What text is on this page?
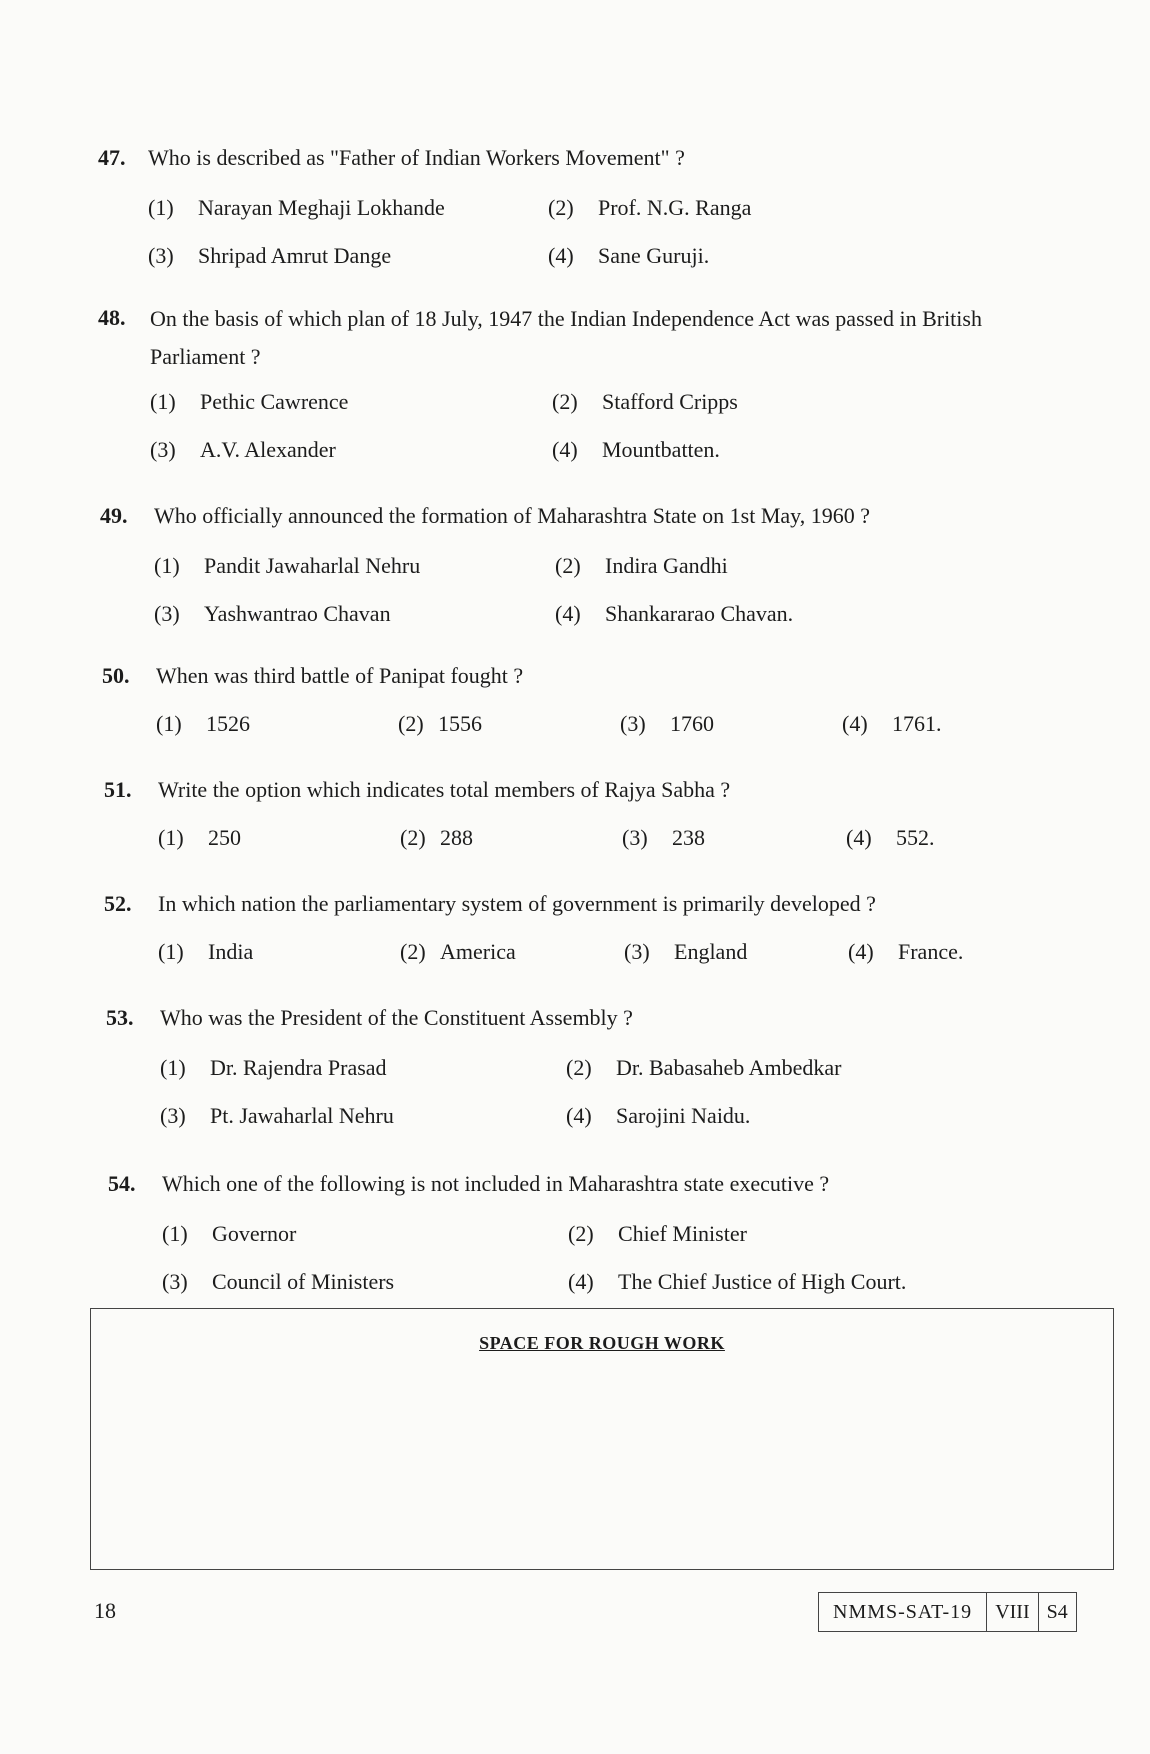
47. Who is described as "Father of Indian Workers Movement" ?
(1) Narayan Meghaji Lokhande	(2) Prof. N.G. Ranga
(3) Shripad Amrut Dange	(4) Sane Guruji.
48. On the basis of which plan of 18 July, 1947 the Indian Independence Act was passed in British Parliament ?
(1) Pethic Cawrence	(2) Stafford Cripps
(3) A.V. Alexander	(4) Mountbatten.
49. Who officially announced the formation of Maharashtra State on 1st May, 1960 ?
(1) Pandit Jawaharlal Nehru	(2) Indira Gandhi
(3) Yashwantrao Chavan	(4) Shankararao Chavan.
50. When was third battle of Panipat fought ?
(1) 1526	(2) 1556	(3) 1760	(4) 1761.
51. Write the option which indicates total members of Rajya Sabha ?
(1) 250	(2) 288	(3) 238	(4) 552.
52. In which nation the parliamentary system of government is primarily developed ?
(1) India	(2) America	(3) England	(4) France.
53. Who was the President of the Constituent Assembly ?
(1) Dr. Rajendra Prasad	(2) Dr. Babasaheb Ambedkar
(3) Pt. Jawaharlal Nehru	(4) Sarojini Naidu.
54. Which one of the following is not included in Maharashtra state executive ?
(1) Governor	(2) Chief Minister
(3) Council of Ministers	(4) The Chief Justice of High Court.
SPACE FOR ROUGH WORK
18	NMMS-SAT-19	VIII S4
